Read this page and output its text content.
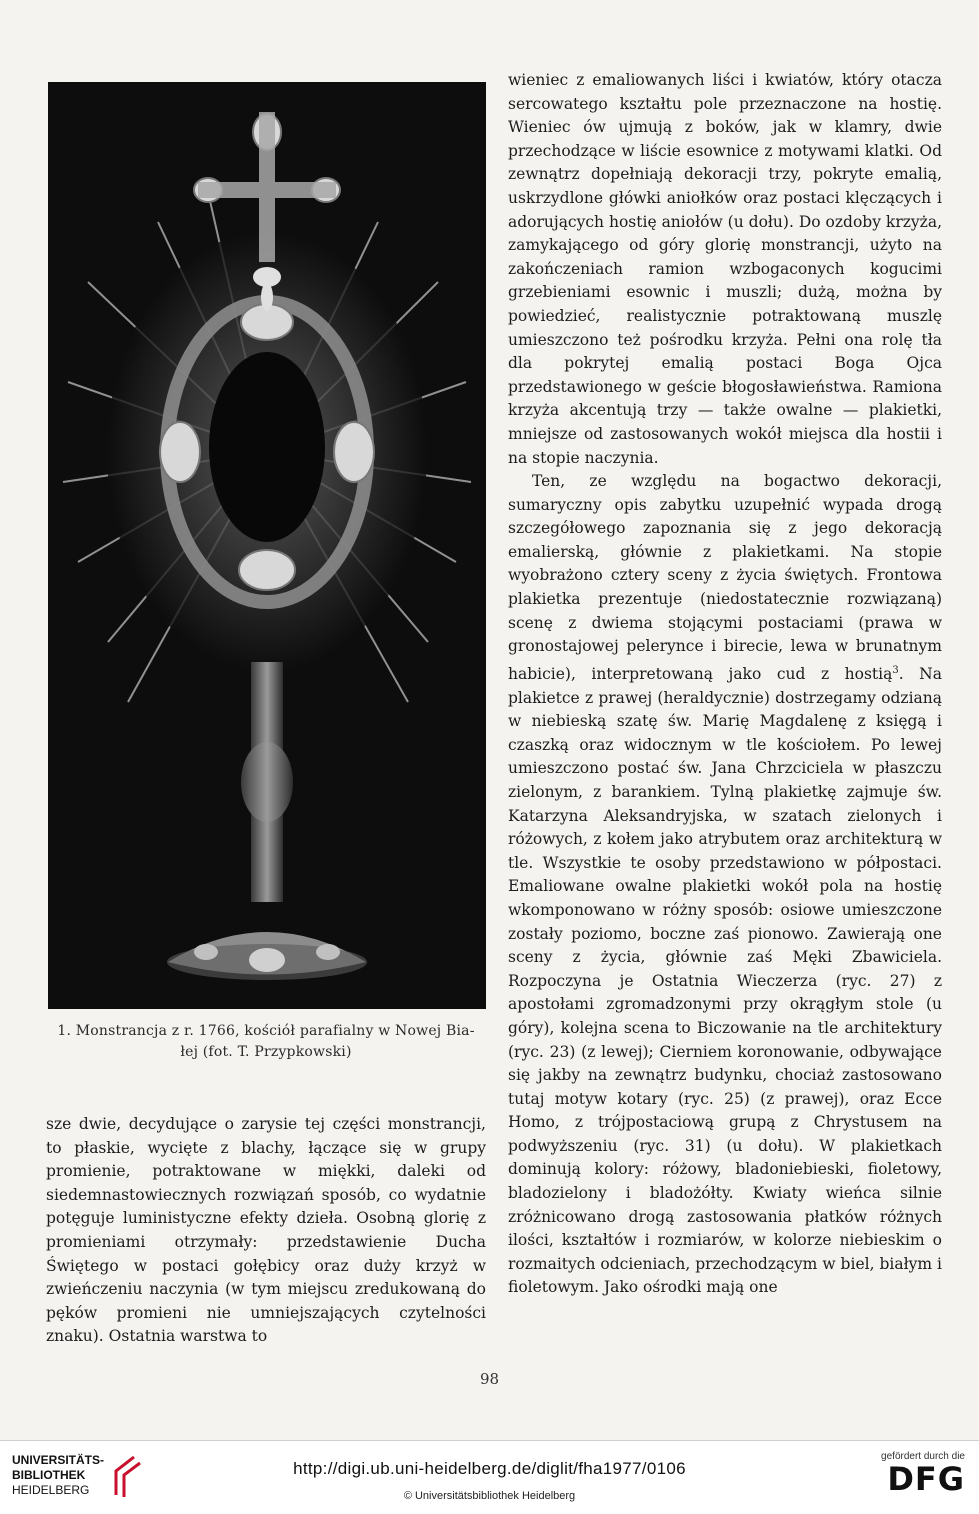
1. Monstrancja z r. 1766, kościół parafialny w Nowej Bia-
łej (fot. T. Przypkowski)
sze dwie, decydujące o zarysie tej części monstrancji, to płaskie, wycięte z blachy, łączące się w grupy promienie, potraktowane w miękki, daleki od siedemnastowiecznych rozwiązań sposób, co wydatnie potęguje luministyczne efekty dzieła. Osobną glorię z promieniami otrzymały: przedstawienie Ducha Świętego w postaci gołębicy oraz duży krzyż w zwieńczeniu naczynia (w tym miejscu zredukowaną do pęków promieni nie umniejszających czytelności znaku). Ostatnia warstwa to

wieniec z emaliowanych liści i kwiatów, który otacza sercowatego kształtu pole przeznaczone na hostię. Wieniec ów ujmują z boków, jak w klamry, dwie przechodzące w liście esownice z motywami klatki. Od zewnątrz dopełniają dekoracji trzy, pokryte emalią, uskrzydlone główki aniołków oraz postaci klęczących i adorujących hostię aniołów (u dołu). Do ozdoby krzyża, zamykającego od góry glorię monstrancji, użyto na zakończeniach ramion wzbogaconych kogucimi grzebieniami esownic i muszli; dużą, można by powiedzieć, realistycznie potraktowaną muszlę umieszczono też pośrodku krzyża. Pełni ona rolę tła dla pokrytej emalią postaci Boga Ojca przedstawionego w geście błogosławieństwa. Ramiona krzyża akcentują trzy — także owalne — plakietki, mniejsze od zastosowanych wokół miejsca dla hostii i na stopie naczynia.

Ten, ze względu na bogactwo dekoracji, sumaryczny opis zabytku uzupełnić wypada drogą szczegółowego zapoznania się z jego dekoracją emalierską, głównie z plakietkami. Na stopie wyobrażono cztery sceny z życia świętych. Frontowa plakietka prezentuje (niedostatecznie rozwiązaną) scenę z dwiema stojącymi postaciami (prawa w gronostajowej pelerynce i birecie, lewa w brunatnym habicie), interpretowaną jako cud z hostią$^3$. Na plakietce z prawej (heraldycznie) dostrzegamy odzianą w niebieską szatę św. Marię Magdalenę z księgą i czaszką oraz widocznym w tle kościołem. Po lewej umieszczono postać św. Jana Chrzciciela w płaszczu zielonym, z barankiem. Tylną plakietkę zajmuje św. Katarzyna Aleksandryjska, w szatach zielonych i różowych, z kołem jako atrybutem oraz architekturą w tle. Wszystkie te osoby przedstawiono w półpostaci. Emaliowane owalne plakietki wokół pola na hostię wkomponowano w różny sposób: osiowe umieszczone zostały poziomo, boczne zaś pionowo. Zawierają one sceny z życia, głównie zaś Męki Zbawiciela. Rozpoczyna je Ostatnia Wieczerza (ryc. 27) z apostołami zgromadzonymi przy okrągłym stole (u góry), kolejna scena to Biczowanie na tle architektury (ryc. 23) (z lewej); Cierniem koronowanie, odbywające się jakby na zewnątrz budynku, chociaż zastosowano tutaj motyw kotary (ryc. 25) (z prawej), oraz Ecce Homo, z trójpostaciową grupą z Chrystusem na podwyższeniu (ryc. 31) (u dołu). W plakietkach dominują kolory: różowy, bladoniebieski, fioletowy, bladozielony i bladożółty. Kwiaty wieńca silnie zróżnicowano drogą zastosowania płatków różnych ilości, kształtów i rozmiarów, w kolorze niebieskim o rozmaitych odcieniach, przechodzącym w biel, białym i fioletowym. Jako ośrodki mają one

98
UNIVERSITÄTS-
BIBLIOTHEK
HEIDELBERG
http://digi.ub.uni-heidelberg.de/diglit/fha1977/0106
© Universitätsbibliothek Heidelberg
gefördert durch die
DFG
